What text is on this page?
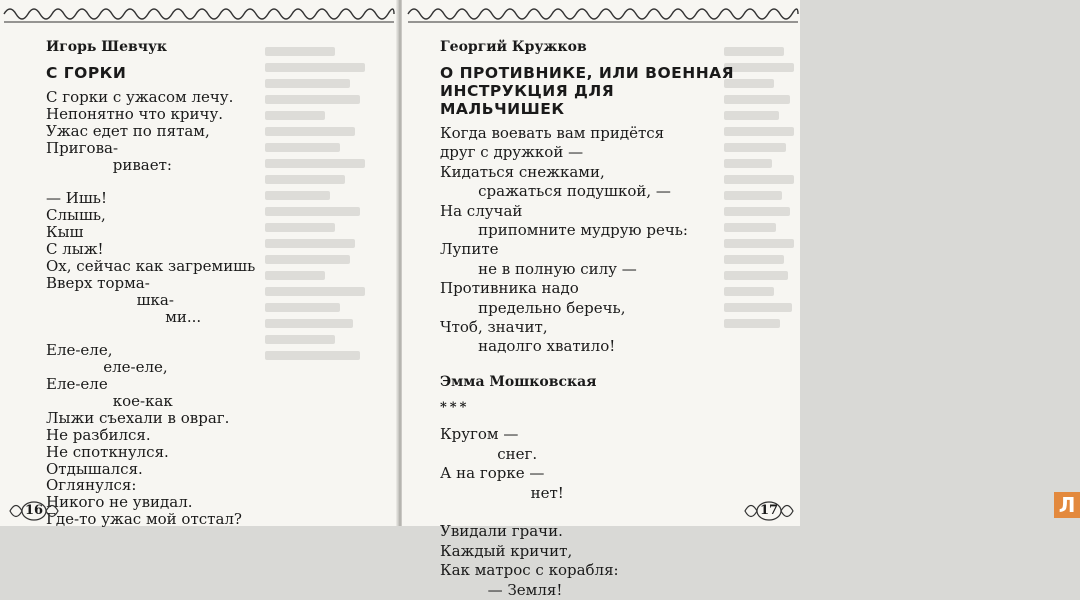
Игорь Шевчук
С ГОРКИ
С горки с ужасом лечу.
Непонятно что кричу.
Ужас едет по пятам,
Пригова-
ривает:
— Ишь!
Слышь,
Кыш
С лыж!
Ох, сейчас как загремишь
Вверх торма-
шка-
ми...
Еле-еле,
еле-еле,
Еле-еле
кое-как
Лыжи съехали в овраг.
Не разбился.
Не споткнулся.
Отдышался.
Оглянулся:
Никого не увидал.
Где-то ужас мой отстал?
16
Георгий Кружков
О ПРОТИВНИКЕ, ИЛИ ВОЕННАЯ
ИНСТРУКЦИЯ ДЛЯ МАЛЬЧИШЕК
Когда воевать вам придётся
друг с дружкой —
Кидаться снежками,
сражаться подушкой, —
На случай
припомните мудрую речь:
Лупите
не в полную силу —
Противника надо
предельно беречь,
Чтоб, значит,
надолго хватило!
Эмма Мошковская
***
Кругом —
снег.
А на горке —
нет!
Увидали грачи.
Каждый кричит,
Как матрос с корабля:
— Земля!
Л
17
